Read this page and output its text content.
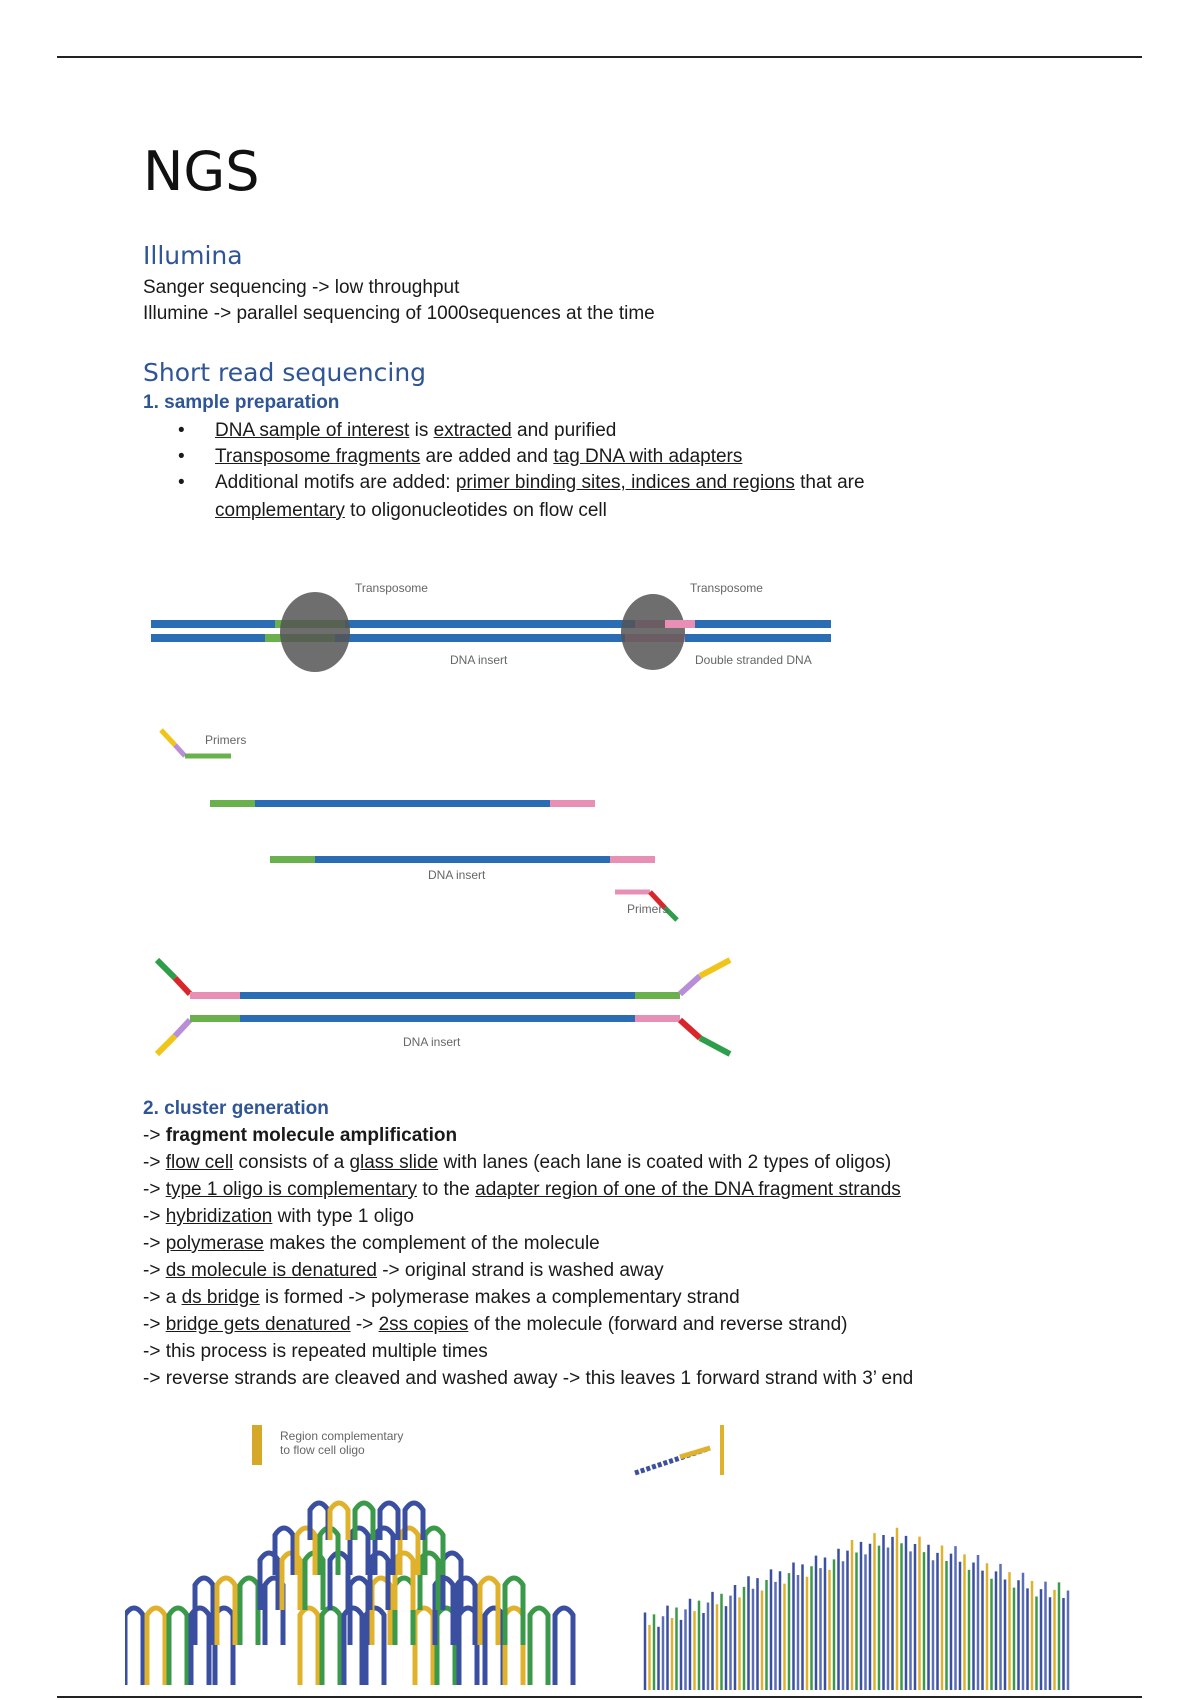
NGS
Illumina

Sanger sequencing -> low throughput

Illumine -> parallel sequencing of 1000sequences at the time

Short read sequencing
1. sample preparation
• DNA sample of interest is extracted and purified
• Transposome fragments are added and tag DNA with adapters
• Additional motifs are added: primer binding sites, indices and regions that are
complementary to oligonucleotides on flow cell
Transposome	Transposome
DNA insert	Double stranded DNA
Primers
DNA insert
Primers
DNA insert
2. cluster generation
-> fragment molecule amplification
-> flow cell consists of a glass slide with lanes (each lane is coated with 2 types of oligos)
-> type 1 oligo is complementary to the adapter region of one of the DNA fragment strands
-> hybridization with type 1 oligo
-> polymerase makes the complement of the molecule
-> ds molecule is denatured -> original strand is washed away
-> a ds bridge is formed -> polymerase makes a complementary strand
-> bridge gets denatured -> 2ss copies of the molecule (forward and reverse strand)
-> this process is repeated multiple times
-> reverse strands are cleaved and washed away -> this leaves 1 forward strand with 3’ end
Region complementary
to flow cell oligo
